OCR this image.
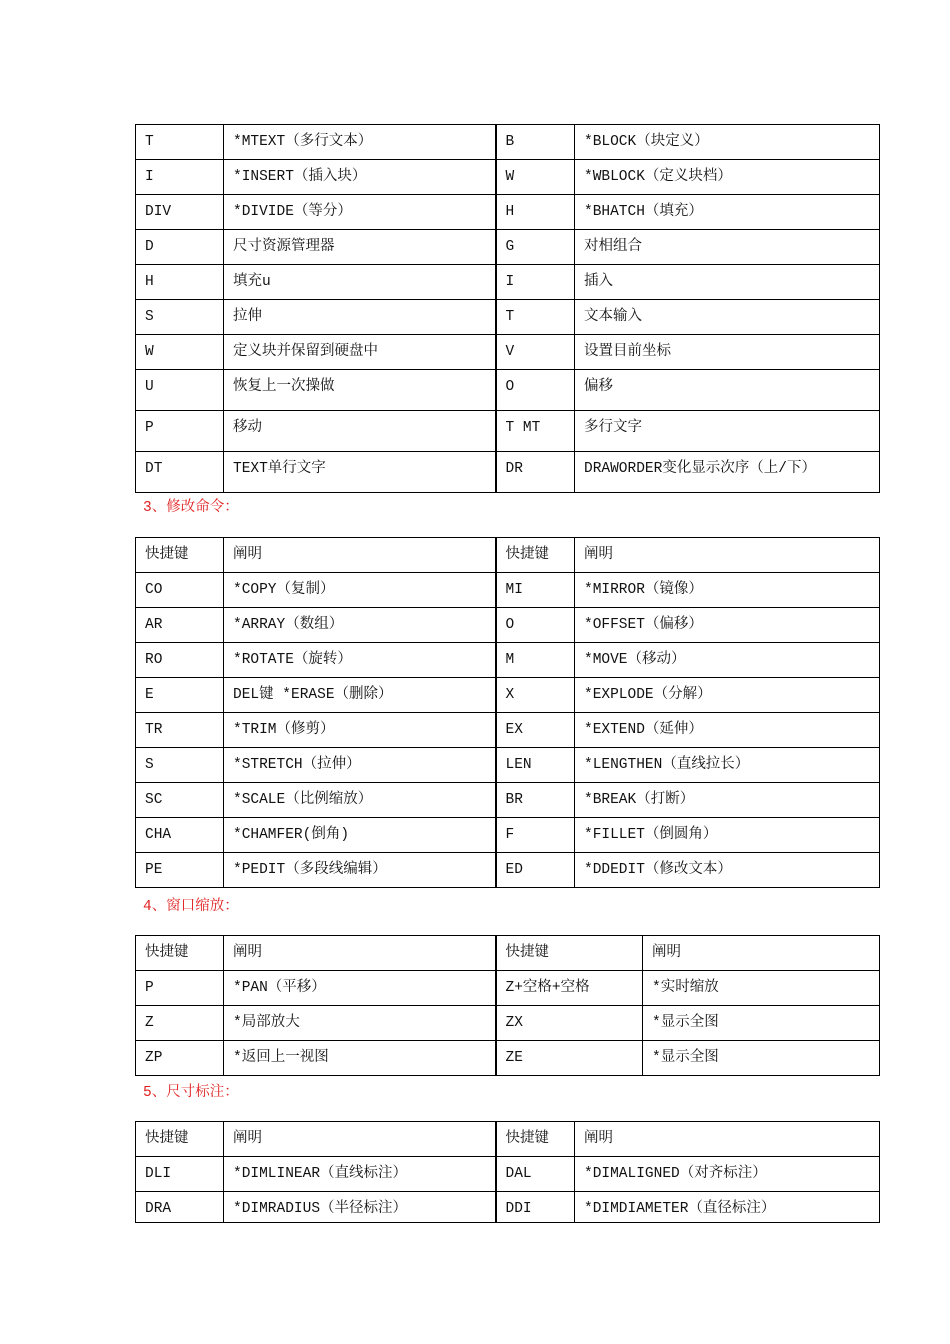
T	*MTEXT（多行文本）	B	*BLOCK（块定义）
I	*INSERT（插入块）	W	*WBLOCK（定义块档）
DIV	*DIVIDE（等分）	H	*BHATCH（填充）
D	尺寸资源管理器	G	对相组合
H	填充u	I	插入
S	拉伸	T	文本输入
W	定义块并保留到硬盘中	V	设置目前坐标
U	恢复上一次操做	O	偏移
P	移动	T MT	多行文字
DT	TEXT单行文字	DR	DRAWORDER变化显示次序（上/下）
3、修改命令：
快捷键	阐明	快捷键	阐明
CO	*COPY（复制）	MI	*MIRROR（镜像）
AR	*ARRAY（数组）	O	*OFFSET（偏移）
RO	*ROTATE（旋转）	M	*MOVE（移动）
E	DEL键 *ERASE（删除）	X	*EXPLODE（分解）
TR	*TRIM（修剪）	EX	*EXTEND（延伸）
S	*STRETCH（拉伸）	LEN	*LENGTHEN（直线拉长）
SC	*SCALE（比例缩放）	BR	*BREAK（打断）
CHA	*CHAMFER(倒角)	F	*FILLET（倒圆角）
PE	*PEDIT（多段线编辑）	ED	*DDEDIT（修改文本）
4、窗口缩放：
快捷键	阐明	快捷键	阐明
P	*PAN（平移）	Z+空格+空格	*实时缩放
Z	*局部放大	ZX	*显示全图
ZP	*返回上一视图	ZE	*显示全图
5、尺寸标注：
快捷键	阐明	快捷键	阐明
DLI	*DIMLINEAR（直线标注）	DAL	*DIMALIGNED（对齐标注）
DRA	*DIMRADIUS（半径标注）	DDI	*DIMDIAMETER（直径标注）
